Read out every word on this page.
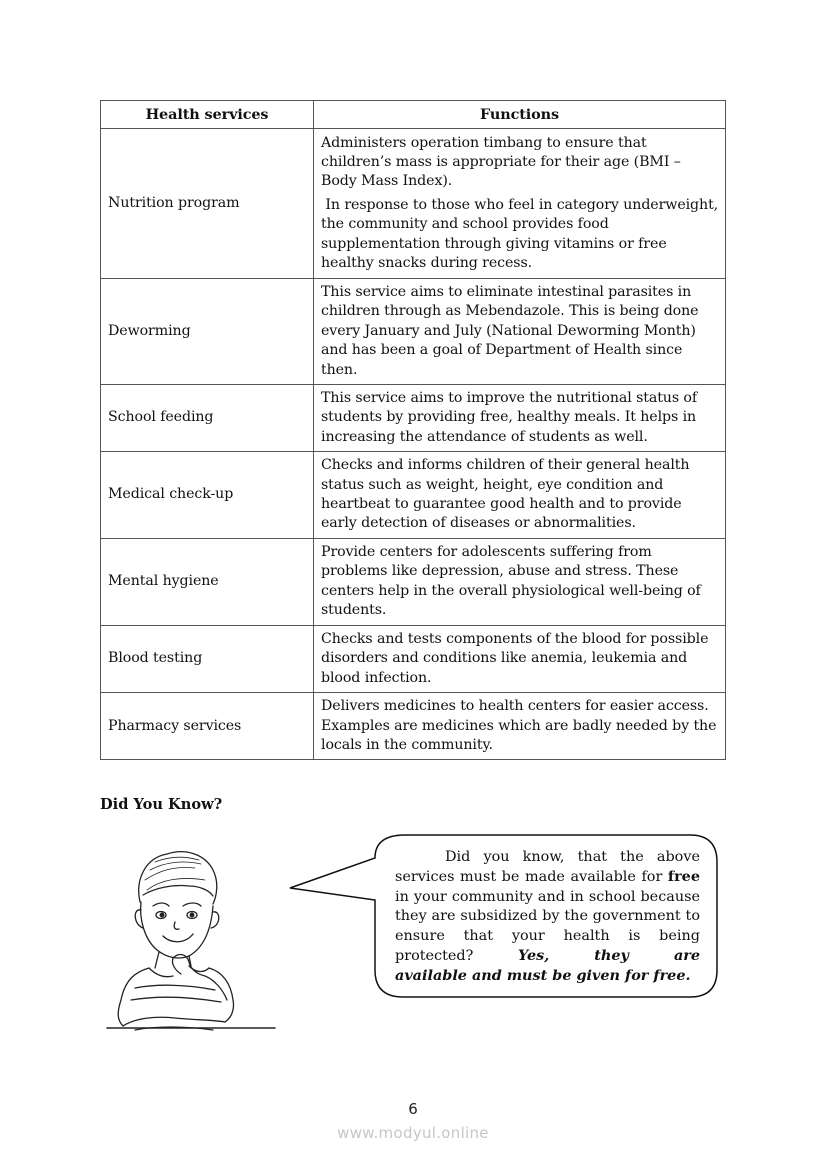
Health services	Functions
Nutrition program	Administers operation timbang to ensure that children’s mass is appropriate for their age (BMI – Body Mass Index).

In response to those who feel in category underweight, the community and school provides food supplementation through giving vitamins or free healthy snacks during recess.

Deworming	This service aims to eliminate intestinal parasites in children through as Mebendazole. This is being done every January and July (National Deworming Month) and has been a goal of Department of Health since then.

School feeding	This service aims to improve the nutritional status of students by providing free, healthy meals. It helps in increasing the attendance of students as well.

Medical check-up	Checks and informs children of their general health status such as weight, height, eye condition and heartbeat to guarantee good health and to provide early detection of diseases or abnormalities.

Mental hygiene	Provide centers for adolescents suffering from problems like depression, abuse and stress. These centers help in the overall physiological well-being of students.

Blood testing	Checks and tests components of the blood for possible disorders and conditions like anemia, leukemia and blood infection.

Pharmacy services	Delivers medicines to health centers for easier access. Examples are medicines which are badly needed by the locals in the community.

Did You Know?
Did you know, that the above services must be made available for free in your community and in school because they are subsidized by the government to ensure that your health is being protected? Yes, they are
available and must be given for free.
6
www.modyul.online
